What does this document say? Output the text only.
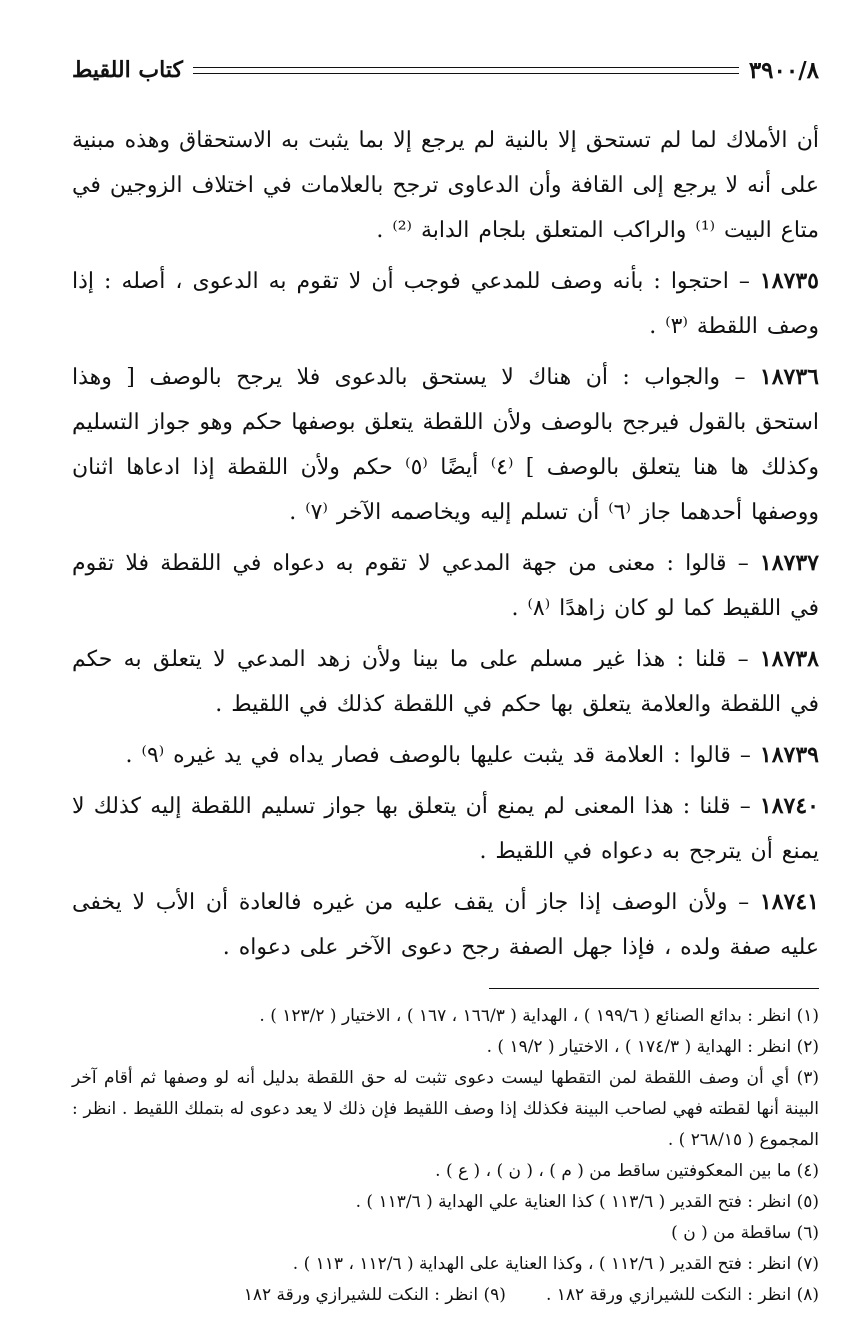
٣٩٠٠/٨
كتاب اللقيط

أن الأملاك لما لم تستحق إلا بالنية لم يرجع إلا بما يثبت به الاستحقاق وهذه مبنية على أنه لا يرجع إلى القافة وأن الدعاوى ترجح بالعلامات في اختلاف الزوجين في متاع البيت ⁽¹⁾ والراكب المتعلق بلجام الدابة ⁽²⁾ .

١٨٧٣٥ – احتجوا : بأنه وصف للمدعي فوجب أن لا تقوم به الدعوى ، أصله : إذا وصف اللقطة ⁽٣⁾ .

١٨٧٣٦ – والجواب : أن هناك لا يستحق بالدعوى فلا يرجح بالوصف [ وهذا استحق بالقول فيرجح بالوصف ولأن اللقطة يتعلق بوصفها حكم وهو جواز التسليم وكذلك ها هنا يتعلق بالوصف ] ⁽٤⁾ أيضًا ⁽٥⁾ حكم ولأن اللقطة إذا ادعاها اثنان ووصفها أحدهما جاز ⁽٦⁾ أن تسلم إليه ويخاصمه الآخر ⁽٧⁾ .

١٨٧٣٧ – قالوا : معنى من جهة المدعي لا تقوم به دعواه في اللقطة فلا تقوم في اللقيط كما لو كان زاهدًا ⁽٨⁾ .

١٨٧٣٨ – قلنا : هذا غير مسلم على ما بينا ولأن زهد المدعي لا يتعلق به حكم في اللقطة والعلامة يتعلق بها حكم في اللقطة كذلك في اللقيط .

١٨٧٣٩ – قالوا : العلامة قد يثبت عليها بالوصف فصار يداه في يد غيره ⁽٩⁾ .

١٨٧٤٠ – قلنا : هذا المعنى لم يمنع أن يتعلق بها جواز تسليم اللقطة إليه كذلك لا يمنع أن يترجح به دعواه في اللقيط .

١٨٧٤١ – ولأن الوصف إذا جاز أن يقف عليه من غيره فالعادة أن الأب لا يخفى عليه صفة ولده ، فإذا جهل الصفة رجح دعوى الآخر على دعواه .

(١) انظر : بدائع الصنائع ( ١٩٩/٦ ) ، الهداية ( ١٦٦/٣ ، ١٦٧ ) ، الاختيار ( ١٢٣/٢ ) .
(٢) انظر : الهداية ( ١٧٤/٣ ) ، الاختيار ( ١٩/٢ ) .
(٣) أي أن وصف اللقطة لمن التقطها ليست دعوى تثبت له حق اللقطة بدليل أنه لو وصفها ثم أقام آخر البينة أنها لقطته فهي لصاحب البينة فكذلك إذا وصف اللقيط فإن ذلك لا يعد دعوى له بتملك اللقيط . انظر : المجموع ( ٢٦٨/١٥ ) .
(٤) ما بين المعكوفتين ساقط من ( م ) ، ( ن ) ، ( ع ) .
(٥) انظر : فتح القدير ( ١١٣/٦ ) كذا العناية علي الهداية ( ١١٣/٦ ) .
(٦) ساقطة من ( ن )
(٧) انظر : فتح القدير ( ١١٢/٦ ) ، وكذا العناية على الهداية ( ١١٢/٦ ، ١١٣ ) .
(٨) انظر : النكت للشيرازي ورقة ١٨٢ .
(٩) انظر : النكت للشيرازي ورقة ١٨٢
